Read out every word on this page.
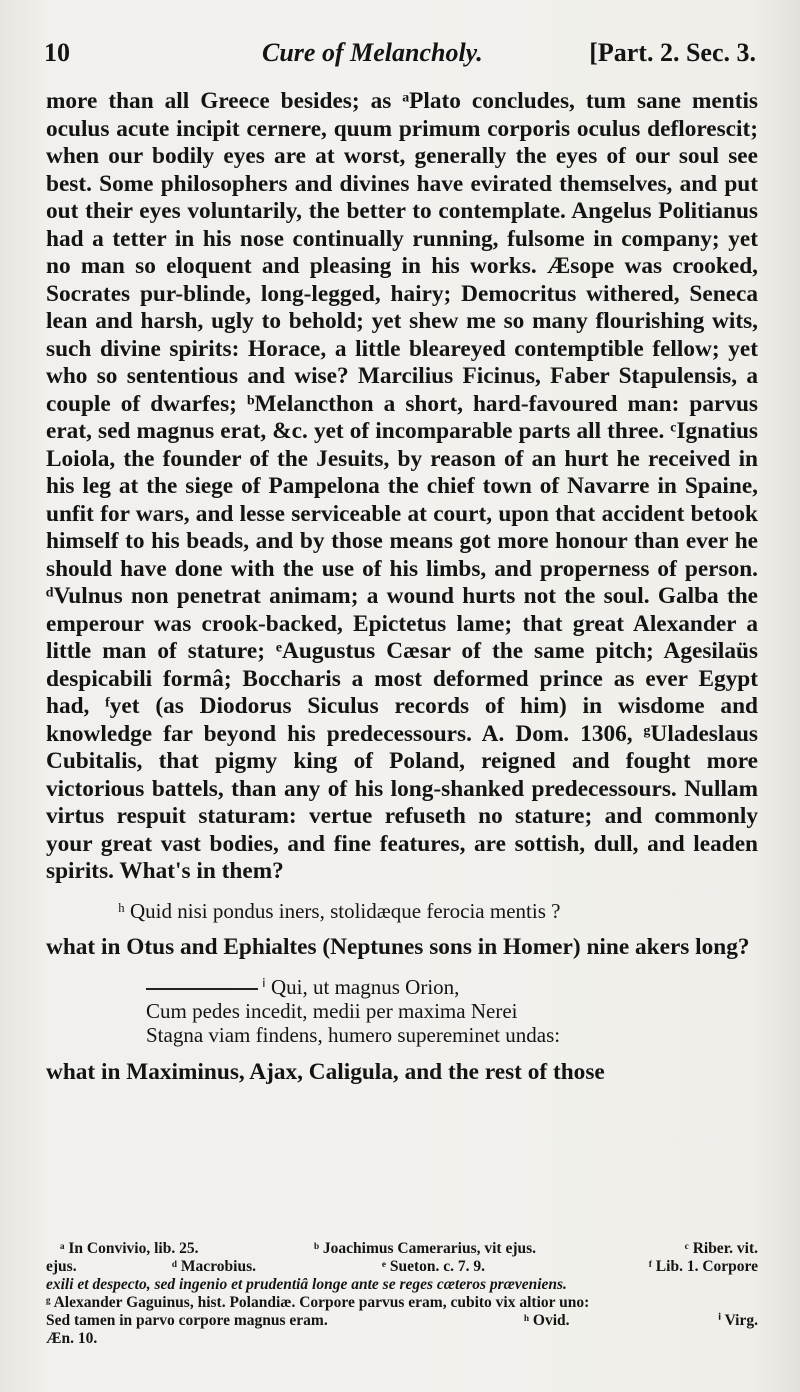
10	Cure of Melancholy.	[Part. 2. Sec. 3.

more than all Greece besides; as ᵃPlato concludes, tum sane mentis oculus acute incipit cernere, quum primum corporis oculus deflorescit; when our bodily eyes are at worst, generally the eyes of our soul see best. Some philosophers and divines have evirated themselves, and put out their eyes voluntarily, the better to contemplate. Angelus Politianus had a tetter in his nose continually running, fulsome in company; yet no man so eloquent and pleasing in his works. Æsope was crooked, Socrates pur-blinde, long-legged, hairy; Democritus withered, Seneca lean and harsh, ugly to behold; yet shew me so many flourishing wits, such divine spirits: Horace, a little bleareyed contemptible fellow; yet who so sententious and wise? Marcilius Ficinus, Faber Stapulensis, a couple of dwarfes; ᵇMelancthon a short, hard-favoured man: parvus erat, sed magnus erat, &c. yet of incomparable parts all three. ᶜIgnatius Loiola, the founder of the Jesuits, by reason of an hurt he received in his leg at the siege of Pampelona the chief town of Navarre in Spaine, unfit for wars, and lesse serviceable at court, upon that accident betook himself to his beads, and by those means got more honour than ever he should have done with the use of his limbs, and properness of person. ᵈVulnus non penetrat animam; a wound hurts not the soul. Galba the emperour was crook-backed, Epictetus lame; that great Alexander a little man of stature; ᵉAugustus Cæsar of the same pitch; Agesilaüs despicabili formâ; Boccharis a most deformed prince as ever Egypt had, ᶠyet (as Diodorus Siculus records of him) in wisdome and knowledge far beyond his predecessours. A. Dom. 1306, ᵍUladeslaus Cubitalis, that pigmy king of Poland, reigned and fought more victorious battels, than any of his long-shanked predecessours. Nullam virtus respuit staturam: vertue refuseth no stature; and commonly your great vast bodies, and fine features, are sottish, dull, and leaden spirits. What's in them?

ʰ Quid nisi pondus iners, stolidæque ferocia mentis ?

what in Otus and Ephialtes (Neptunes sons in Homer) nine akers long?

ⁱ Qui, ut magnus Orion,
Cum pedes incedit, medii per maxima Nerei
Stagna viam findens, humero supereminet undas:

what in Maximinus, Ajax, Caligula, and the rest of those

ᵃ In Convivio, lib. 25.	ᵇ Joachimus Camerarius, vit ejus.	ᶜ Riber. vit.
ejus.	ᵈ Macrobius.	ᵉ Sueton. c. 7. 9.	ᶠ Lib. 1. Corpore
exili et despecto, sed ingenio et prudentiâ longe ante se reges cæteros præveniens.
ᵍ Alexander Gaguinus, hist. Polandiæ. Corpore parvus eram, cubito vix altior uno:
Sed tamen in parvo corpore magnus eram.	ʰ Ovid.	ⁱ Virg.
Æn. 10.
